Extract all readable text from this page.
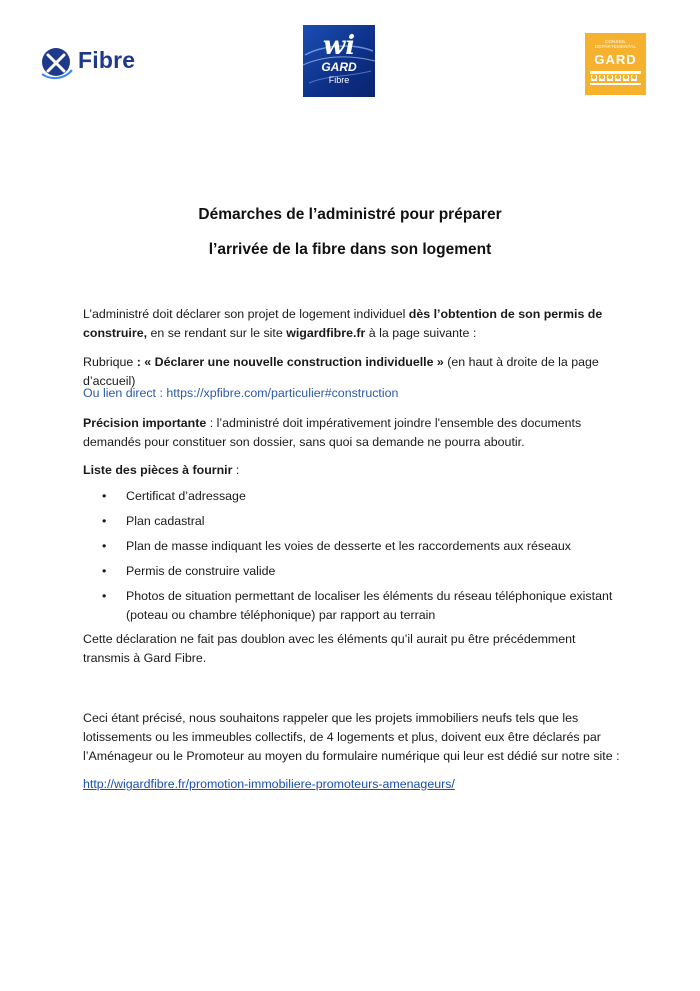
Fibre	wi
GARD
Fibre
CONSEIL DÉPARTEMENTAL
GARD
Démarches de l’administré pour préparer
l’arrivée de la fibre dans son logement
L’administré doit déclarer son projet de logement individuel dès l’obtention de son permis de construire, en se rendant sur le site wigardfibre.fr à la page suivante :
Rubrique : « Déclarer une nouvelle construction individuelle » (en haut à droite de la page d’accueil)
Ou lien direct : https://xpfibre.com/particulier#construction
Précision importante : l’administré doit impérativement joindre l'ensemble des documents demandés pour constituer son dossier, sans quoi sa demande ne pourra aboutir.
Liste des pièces à fournir :
• Certificat d’adressage
• Plan cadastral
• Plan de masse indiquant les voies de desserte et les raccordements aux réseaux
• Permis de construire valide
• Photos de situation permettant de localiser les éléments du réseau téléphonique existant (poteau ou chambre téléphonique) par rapport au terrain
Cette déclaration ne fait pas doublon avec les éléments qu’il aurait pu être précédemment transmis à Gard Fibre.
Ceci étant précisé, nous souhaitons rappeler que les projets immobiliers neufs tels que les lotissements ou les immeubles collectifs, de 4 logements et plus, doivent eux être déclarés par l’Aménageur ou le Promoteur au moyen du formulaire numérique qui leur est dédié sur notre site :
http://wigardfibre.fr/promotion-immobiliere-promoteurs-amenageurs/
